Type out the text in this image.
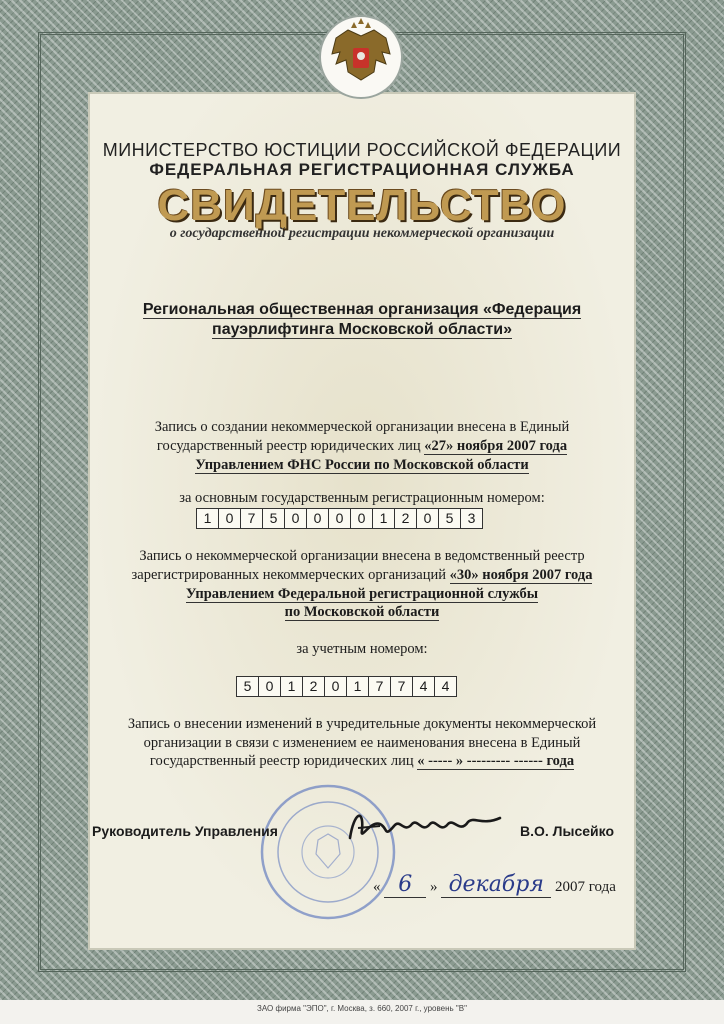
МИНИСТЕРСТВО ЮСТИЦИИ РОССИЙСКОЙ ФЕДЕРАЦИИ
ФЕДЕРАЛЬНАЯ РЕГИСТРАЦИОННАЯ СЛУЖБА
СВИДЕТЕЛЬСТВО
о государственной регистрации некоммерческой организации
Региональная общественная организация «Федерация
пауэрлифтинга Московской области»
Запись о создании некоммерческой организации внесена в Единый
государственный реестр юридических лиц «27» ноября 2007 года
Управлением ФНС России по Московской области
за основным государственным регистрационным номером:
1	0	7	5	0	0	0	0	1	2	0	5	3
Запись о некоммерческой организации внесена в ведомственный реестр
зарегистрированных некоммерческих организаций «30» ноября 2007 года
Управлением Федеральной регистрационной службы
по Московской области
за учетным номером:
5	0	1	2	0	1	7	7	4	4
Запись о внесении изменений в учредительные документы некоммерческой
организации в связи с изменением ее наименования внесена в Единый
государственный реестр юридических лиц « ----- » --------- ------ года
Руководитель Управления	В.О. Лысейко
« 6 » декабря 2007 года
ЗАО фирма "ЭПО", г. Москва, з. 660, 2007 г., уровень "В"
